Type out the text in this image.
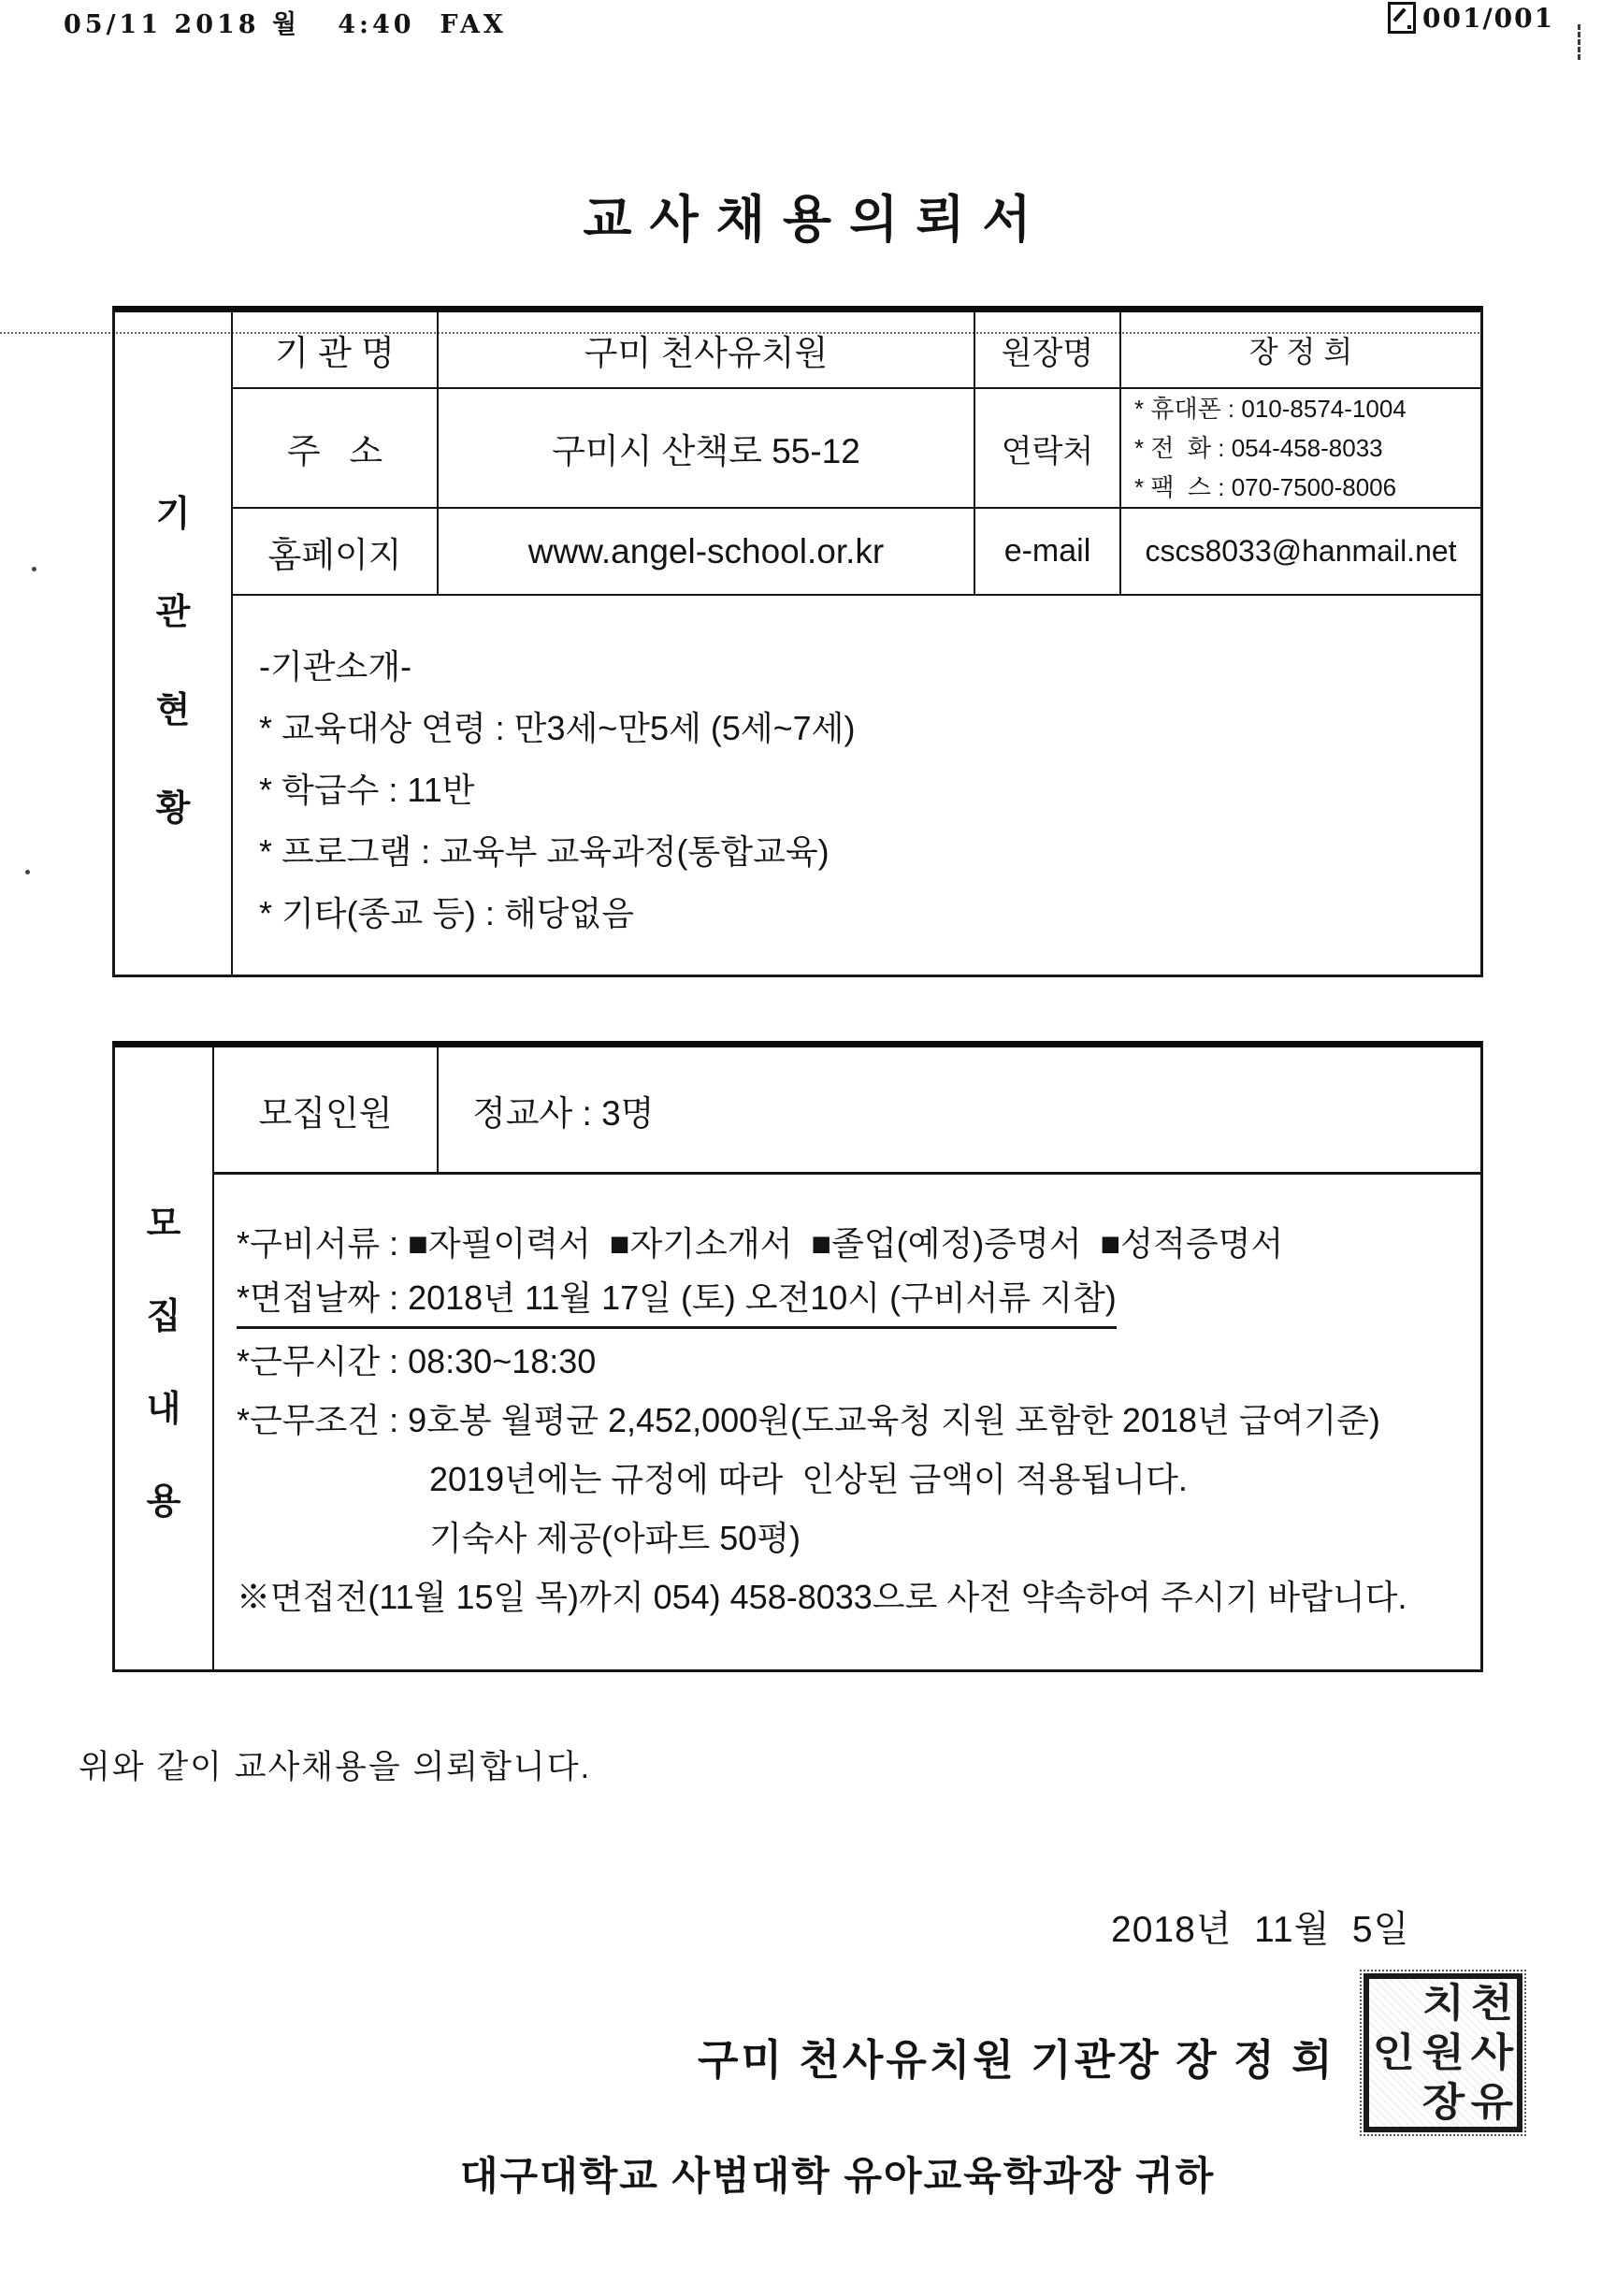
05/11 2018 월   4:40  FAX	001/001
교 사 채 용 의 뢰 서
기
관
현
황
기 관 명	구미 천사유치원	원장명	장 정 희
주   소	구미시 산책로 55-12	연락처
* 휴대폰 : 010-8574-1004
* 전  화 : 054-458-8033
* 팩  스 : 070-7500-8006
홈페이지	www.angel-school.or.kr	e-mail	cscs8033@hanmail.net
-기관소개-
* 교육대상 연령 : 만3세~만5세 (5세~7세)
* 학급수 : 11반
* 프로그램 : 교육부 교육과정(통합교육)
* 기타(종교 등) : 해당없음
모
집
내
용
모집인원	정교사 : 3명
*구비서류 : ■자필이력서  ■자기소개서  ■졸업(예정)증명서  ■성적증명서
*면접날짜 : 2018년 11월 17일 (토) 오전10시 (구비서류 지참)
*근무시간 : 08:30~18:30
*근무조건 : 9호봉 월평균 2,452,000원(도교육청 지원 포함한 2018년 급여기준)
2019년에는 규정에 따라  인상된 금액이 적용됩니다.
기숙사 제공(아파트 50평)
※면접전(11월 15일 목)까지 054) 458-8033으로 사전 약속하여 주시기 바랍니다.
위와 같이 교사채용을 의뢰합니다.
2018년  11월  5일
구미 천사유치원 기관장 장 정 희
천
사
유
치
원
장
인
대구대학교 사범대학 유아교육학과장 귀하
